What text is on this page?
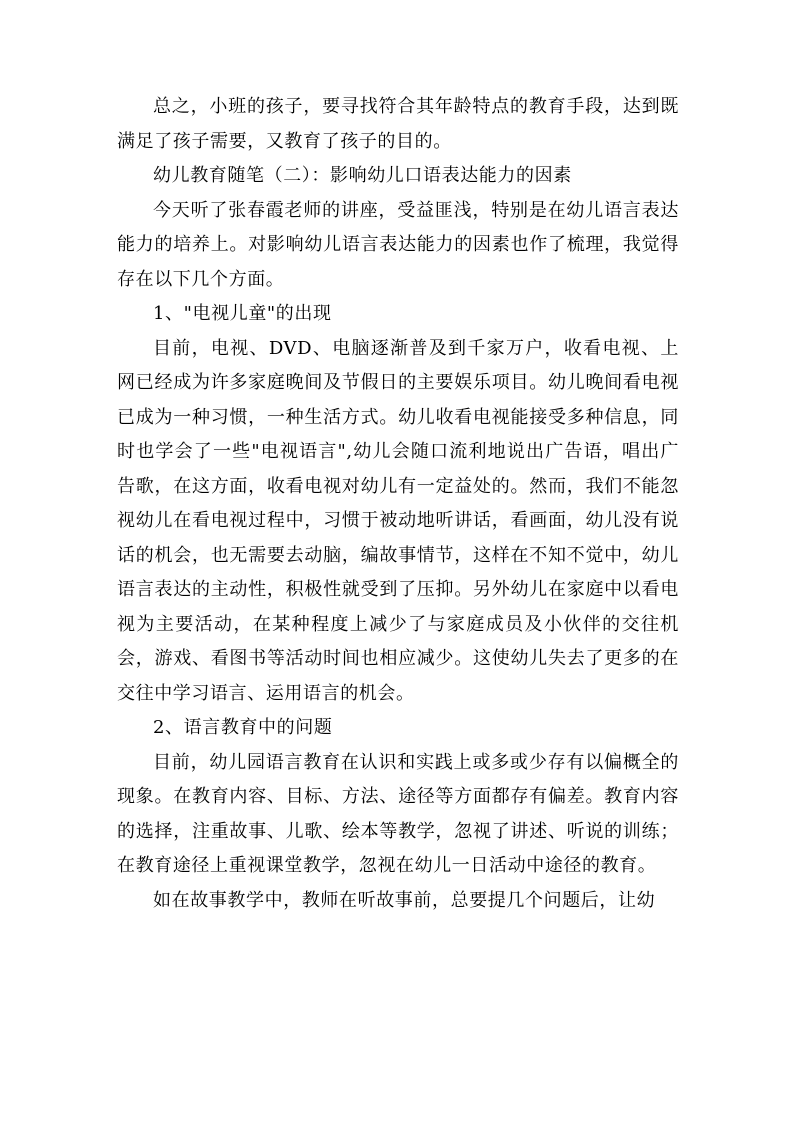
总之，小班的孩子，要寻找符合其年龄特点的教育手段，达到既满足了孩子需要，又教育了孩子的目的。

幼儿教育随笔（二）：影响幼儿口语表达能力的因素

今天听了张春霞老师的讲座，受益匪浅，特别是在幼儿语言表达能力的培养上。对影响幼儿语言表达能力的因素也作了梳理，我觉得存在以下几个方面。

1、"电视儿童"的出现

目前，电视、DVD、电脑逐渐普及到千家万户，收看电视、上网已经成为许多家庭晚间及节假日的主要娱乐项目。幼儿晚间看电视已成为一种习惯，一种生活方式。幼儿收看电视能接受多种信息，同时也学会了一些"电视语言",幼儿会随口流利地说出广告语，唱出广告歌，在这方面，收看电视对幼儿有一定益处的。然而，我们不能忽视幼儿在看电视过程中，习惯于被动地听讲话，看画面，幼儿没有说话的机会，也无需要去动脑，编故事情节，这样在不知不觉中，幼儿语言表达的主动性，积极性就受到了压抑。另外幼儿在家庭中以看电视为主要活动，在某种程度上减少了与家庭成员及小伙伴的交往机会，游戏、看图书等活动时间也相应减少。这使幼儿失去了更多的在交往中学习语言、运用语言的机会。

2、语言教育中的问题

目前，幼儿园语言教育在认识和实践上或多或少存有以偏概全的现象。在教育内容、目标、方法、途径等方面都存有偏差。教育内容的选择，注重故事、儿歌、绘本等教学，忽视了讲述、听说的训练；在教育途径上重视课堂教学，忽视在幼儿一日活动中途径的教育。

如在故事教学中，教师在听故事前，总要提几个问题后，让幼
